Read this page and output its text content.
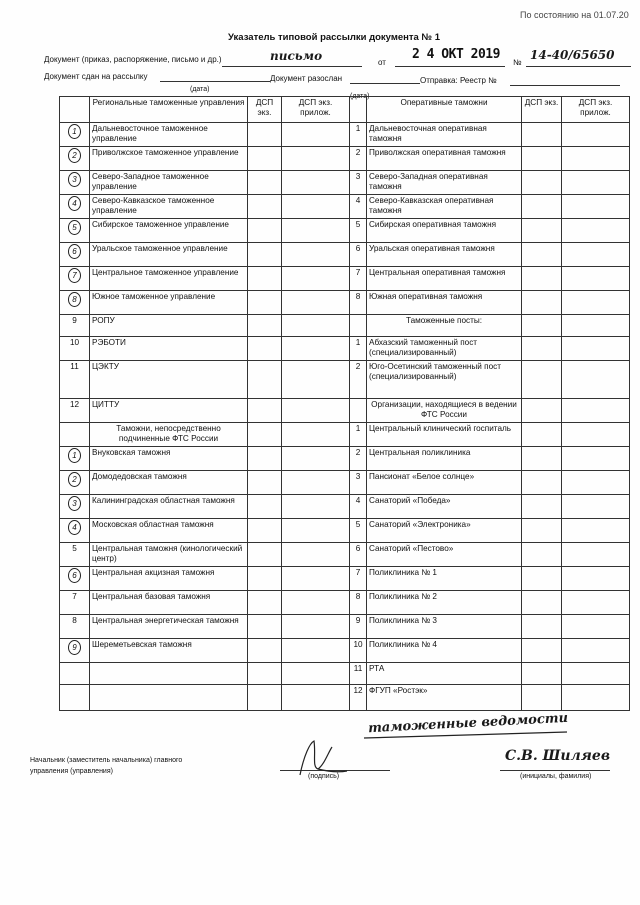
По состоянию на 01.07.20
Указатель типовой рассылки документа № 1
Документ (приказ, распоряжение, письмо и др.)	письмо	от
2 4 ОКТ 2019
№
14-40/65650
Документ сдан на рассылку
(дата)
Документ разослан
(дата)
Отправка: Реестр №
	Региональные таможенные управления	ДСП экз.	ДСП экз. прилож.		Оперативные таможни	ДСП экз.	ДСП экз. прилож.
1	Дальневосточное таможенное управление			1	Дальневосточная оперативная таможня		
2	Приволжское таможенное управление			2	Приволжская оперативная таможня		
3	Северо-Западное таможенное управление			3	Северо-Западная оперативная таможня		
4	Северо-Кавказское таможенное управление			4	Северо-Кавказская оперативная таможня		
5	Сибирское таможенное управление			5	Сибирская оперативная таможня		
6	Уральское таможенное управление			6	Уральская оперативная таможня		
7	Центральное таможенное управление			7	Центральная оперативная таможня		
8	Южное таможенное управление			8	Южная оперативная таможня		
9	РОПУ				Таможенные посты:		
10	РЭБОТИ			1	Абхазский таможенный пост (специализированный)		
11	ЦЭКТУ			2	Юго-Осетинский таможенный пост (специализированный)		
12	ЦИТТУ				Организации, находящиеся в ведении ФТС России		
	Таможни, непосредственно подчиненные ФТС России			1	Центральный клинический госпиталь		
1	Внуковская таможня			2	Центральная поликлиника		
2	Домодедовская таможня			3	Пансионат «Белое солнце»		
3	Калининградская областная таможня			4	Санаторий «Победа»		
4	Московская областная таможня			5	Санаторий «Электроника»		
5	Центральная таможня (кинологический центр)			6	Санаторий «Пестово»		
6	Центральная акцизная таможня			7	Поликлиника № 1		
7	Центральная базовая таможня			8	Поликлиника № 2		
8	Центральная энергетическая таможня			9	Поликлиника № 3		
9	Шереметьевская таможня			10	Поликлиника № 4		
				11	РТА		
				12	ФГУП «Ростэк»		
таможенные ведомости
Начальник (заместитель начальника) главного управления (управления)
(подпись)	(инициалы, фамилия)
С.В. Шиляев
